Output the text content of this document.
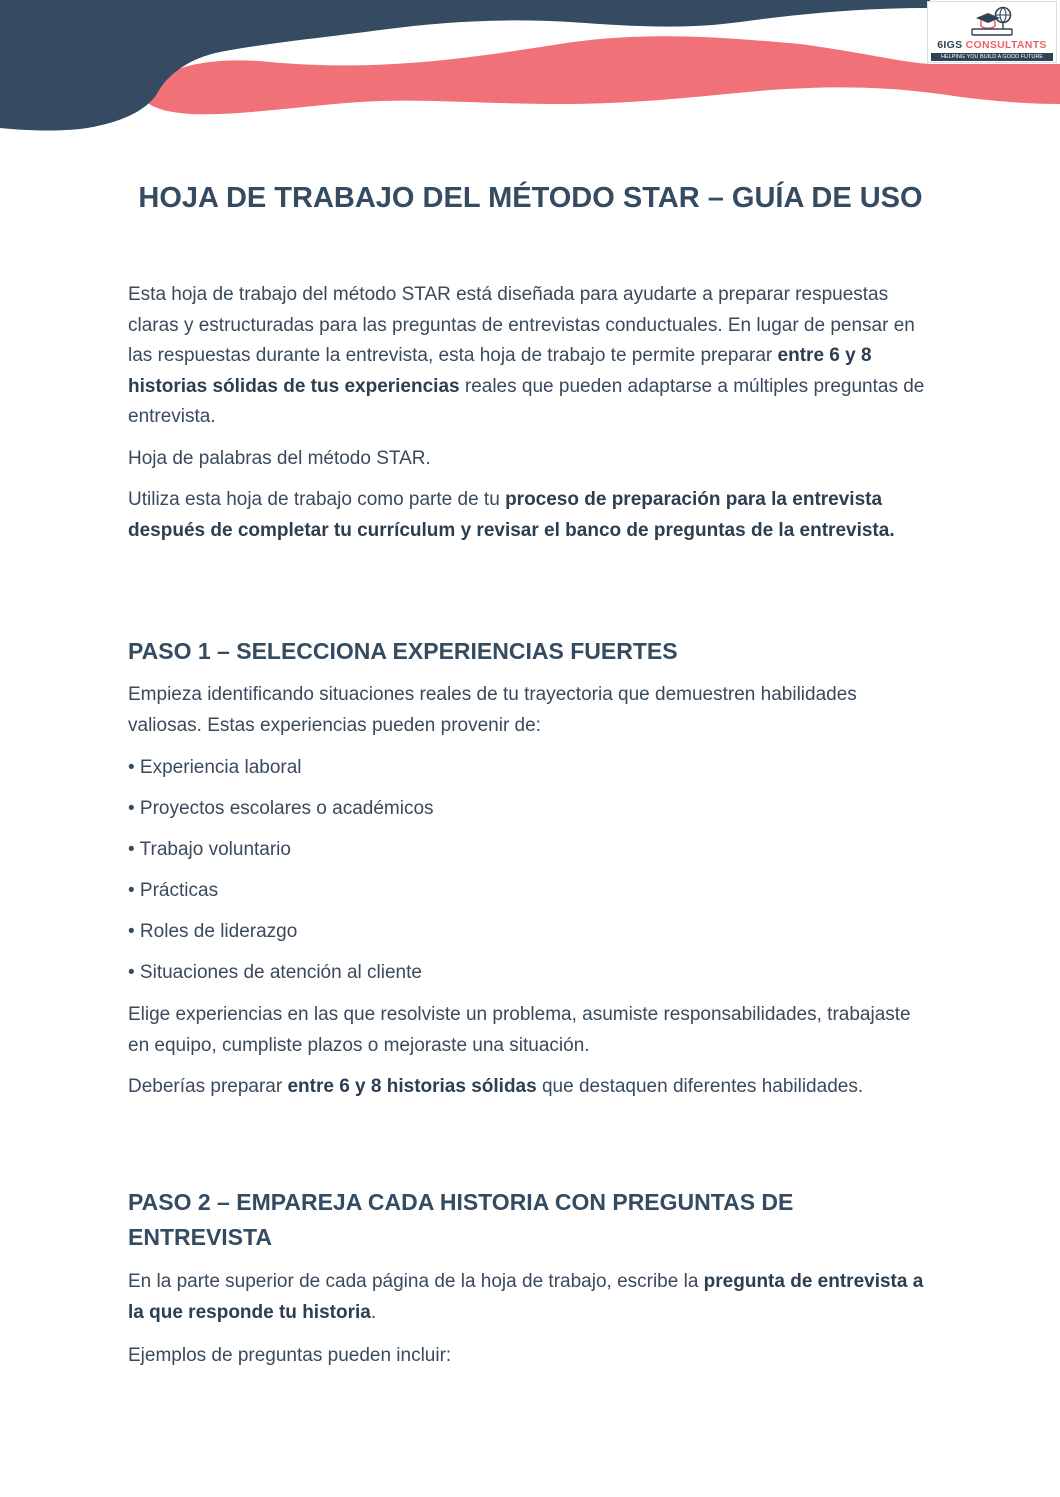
6IGS CONSULTANTS
HELPING YOU BUILD A GOOD FUTURE
HOJA DE TRABAJO DEL MÉTODO STAR – GUÍA DE USO

Esta hoja de trabajo del método STAR está diseñada para ayudarte a preparar respuestas claras y estructuradas para las preguntas de entrevistas conductuales. En lugar de pensar en las respuestas durante la entrevista, esta hoja de trabajo te permite preparar entre 6 y 8 historias sólidas de tus experiencias reales que pueden adaptarse a múltiples preguntas de entrevista.

Hoja de palabras del método STAR.

Utiliza esta hoja de trabajo como parte de tu proceso de preparación para la entrevista después de completar tu currículum y revisar el banco de preguntas de la entrevista.

PASO 1 – SELECCIONA EXPERIENCIAS FUERTES

Empieza identificando situaciones reales de tu trayectoria que demuestren habilidades valiosas. Estas experiencias pueden provenir de:

• Experiencia laboral

• Proyectos escolares o académicos

• Trabajo voluntario

• Prácticas

• Roles de liderazgo

• Situaciones de atención al cliente

Elige experiencias en las que resolviste un problema, asumiste responsabilidades, trabajaste en equipo, cumpliste plazos o mejoraste una situación.

Deberías preparar entre 6 y 8 historias sólidas que destaquen diferentes habilidades.

PASO 2 – EMPAREJA CADA HISTORIA CON PREGUNTAS DE ENTREVISTA

En la parte superior de cada página de la hoja de trabajo, escribe la pregunta de entrevista a la que responde tu historia.

Ejemplos de preguntas pueden incluir:
